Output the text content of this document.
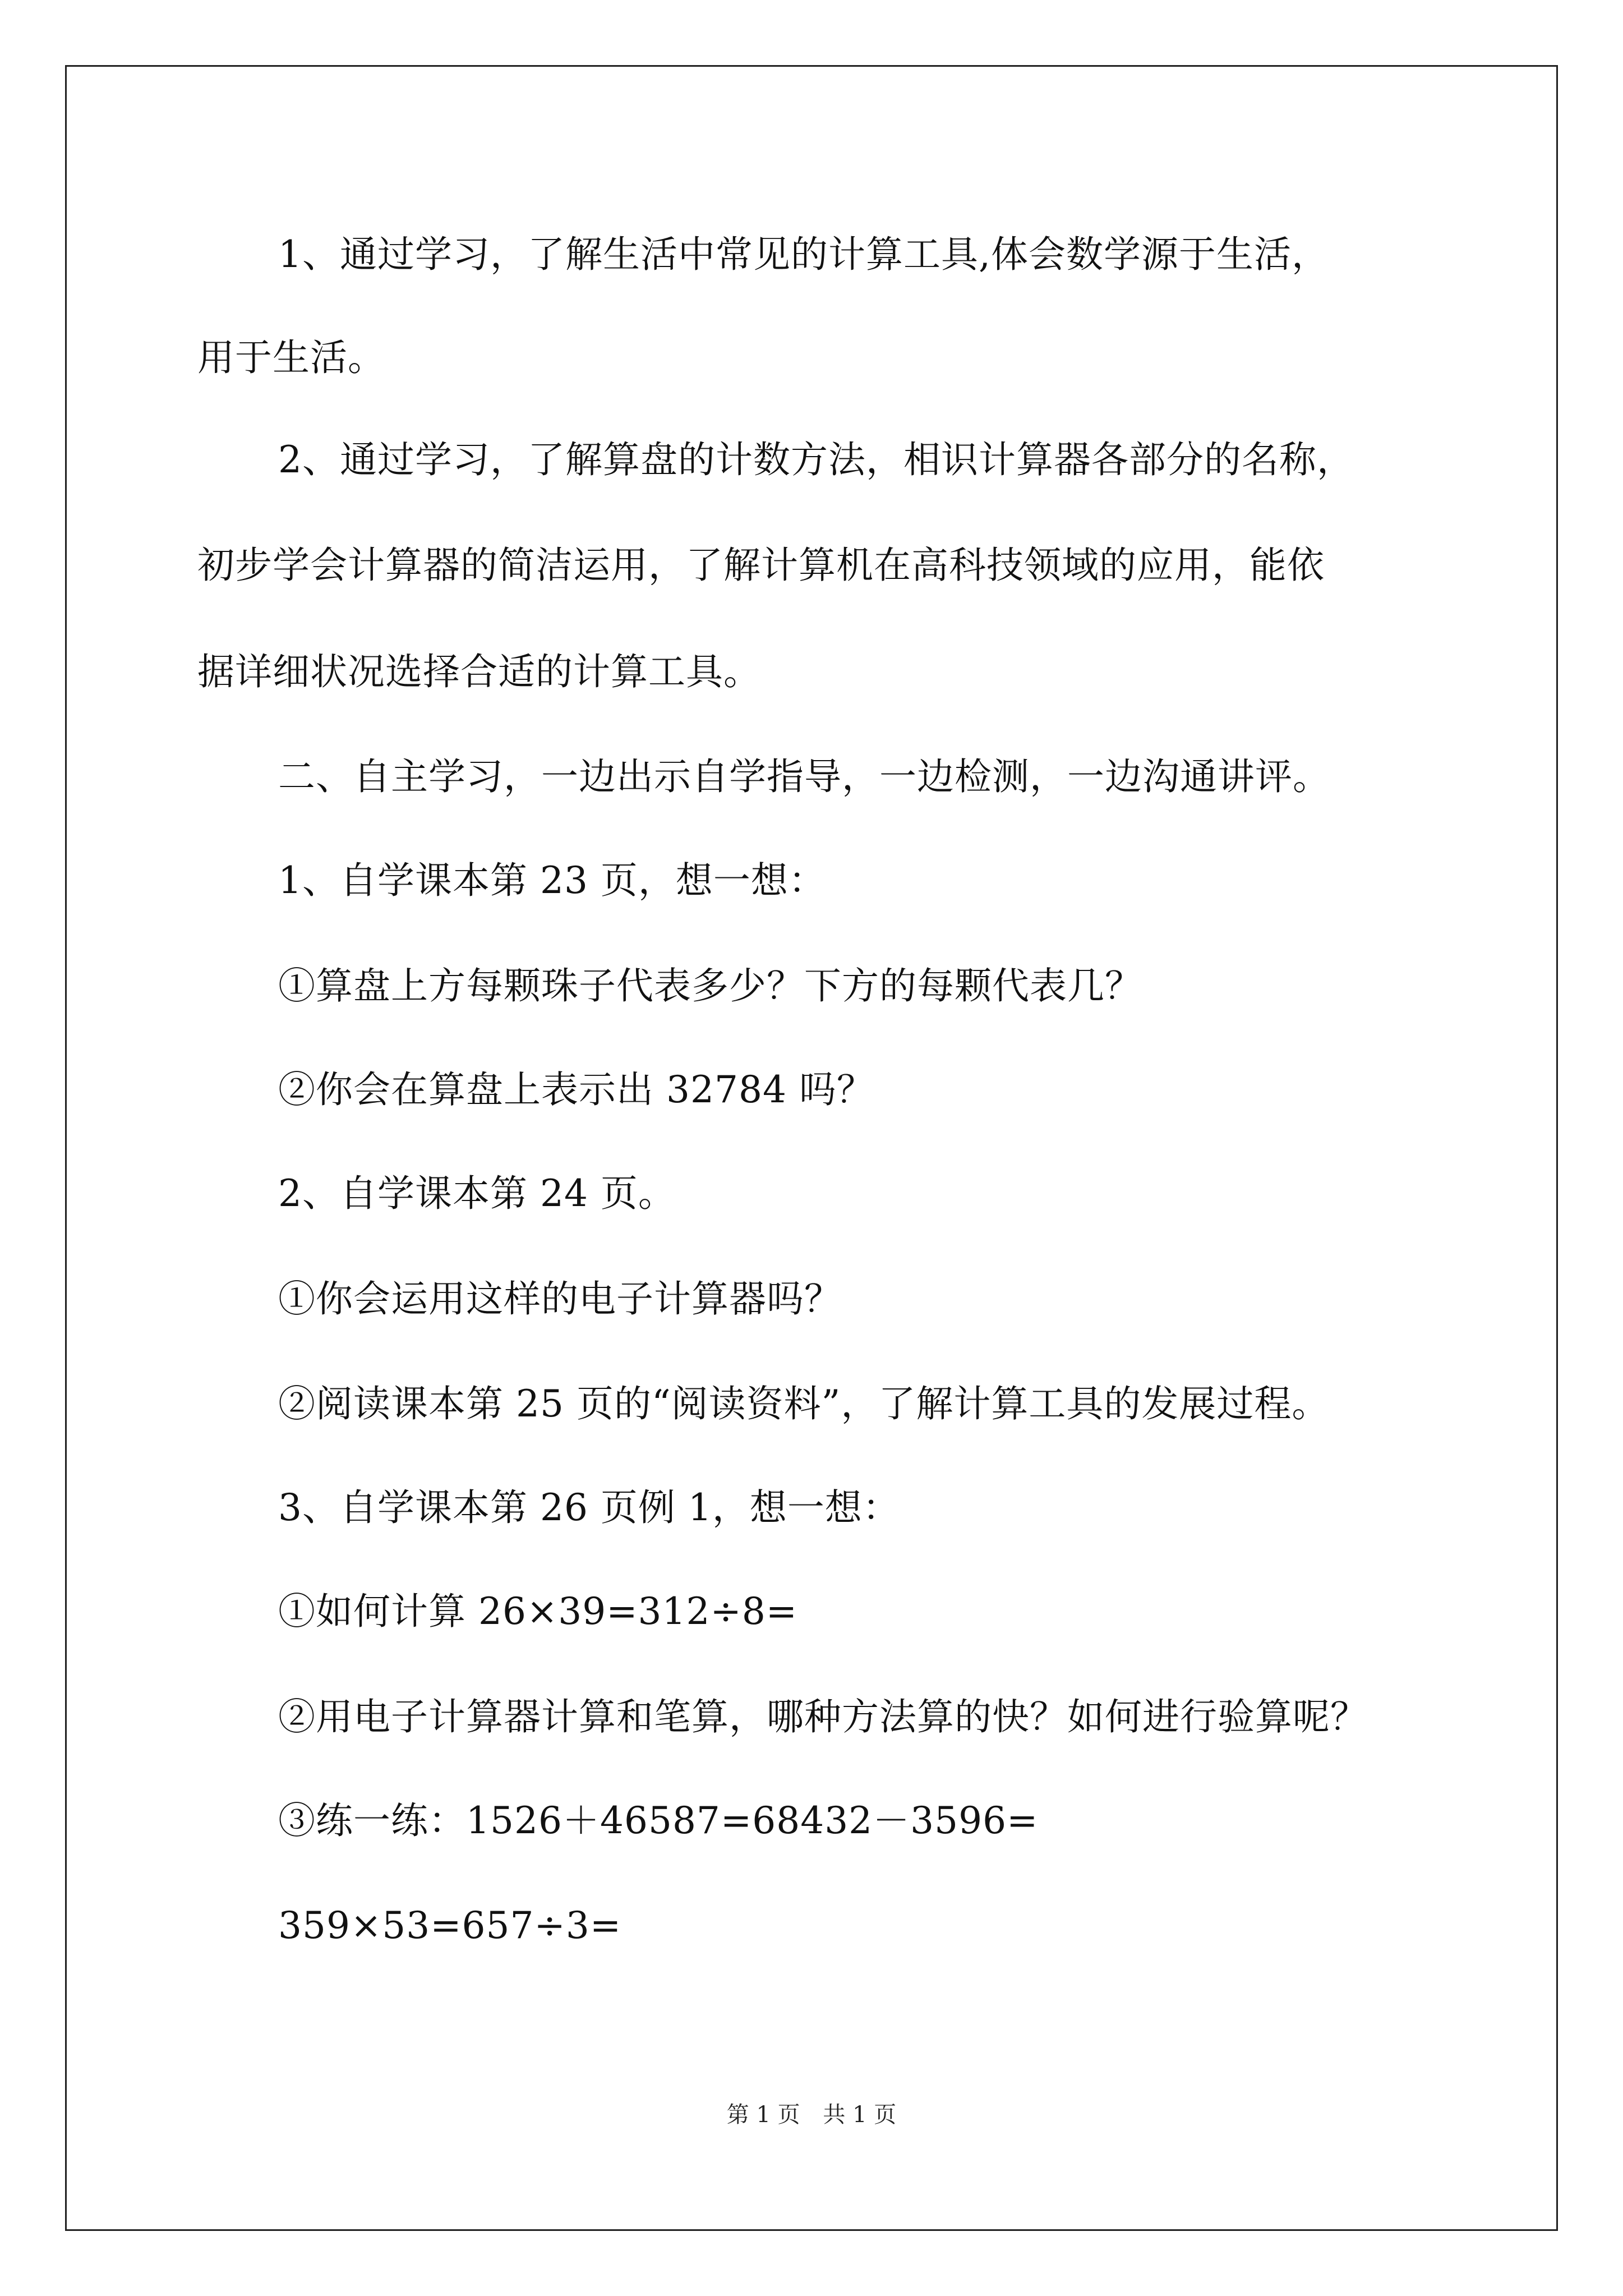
1、通过学习，了解生活中常见的计算工具,体会数学源于生活，
用于生活。
2、通过学习，了解算盘的计数方法，相识计算器各部分的名称，
初步学会计算器的简洁运用，了解计算机在高科技领域的应用，能依
据详细状况选择合适的计算工具。
二、自主学习，一边出示自学指导，一边检测，一边沟通讲评。
1、自学课本第 23 页，想一想：
①算盘上方每颗珠子代表多少？下方的每颗代表几？
②你会在算盘上表示出 32784 吗？
2、自学课本第 24 页。
①你会运用这样的电子计算器吗？
②阅读课本第 25 页的“阅读资料”，了解计算工具的发展过程。
3、自学课本第 26 页例 1，想一想：
①如何计算 26×39=312÷8=
②用电子计算器计算和笔算，哪种方法算的快？如何进行验算呢？
③练一练：1526＋46587=68432－3596=
359×53=657÷3=
第 1 页 共 1 页
